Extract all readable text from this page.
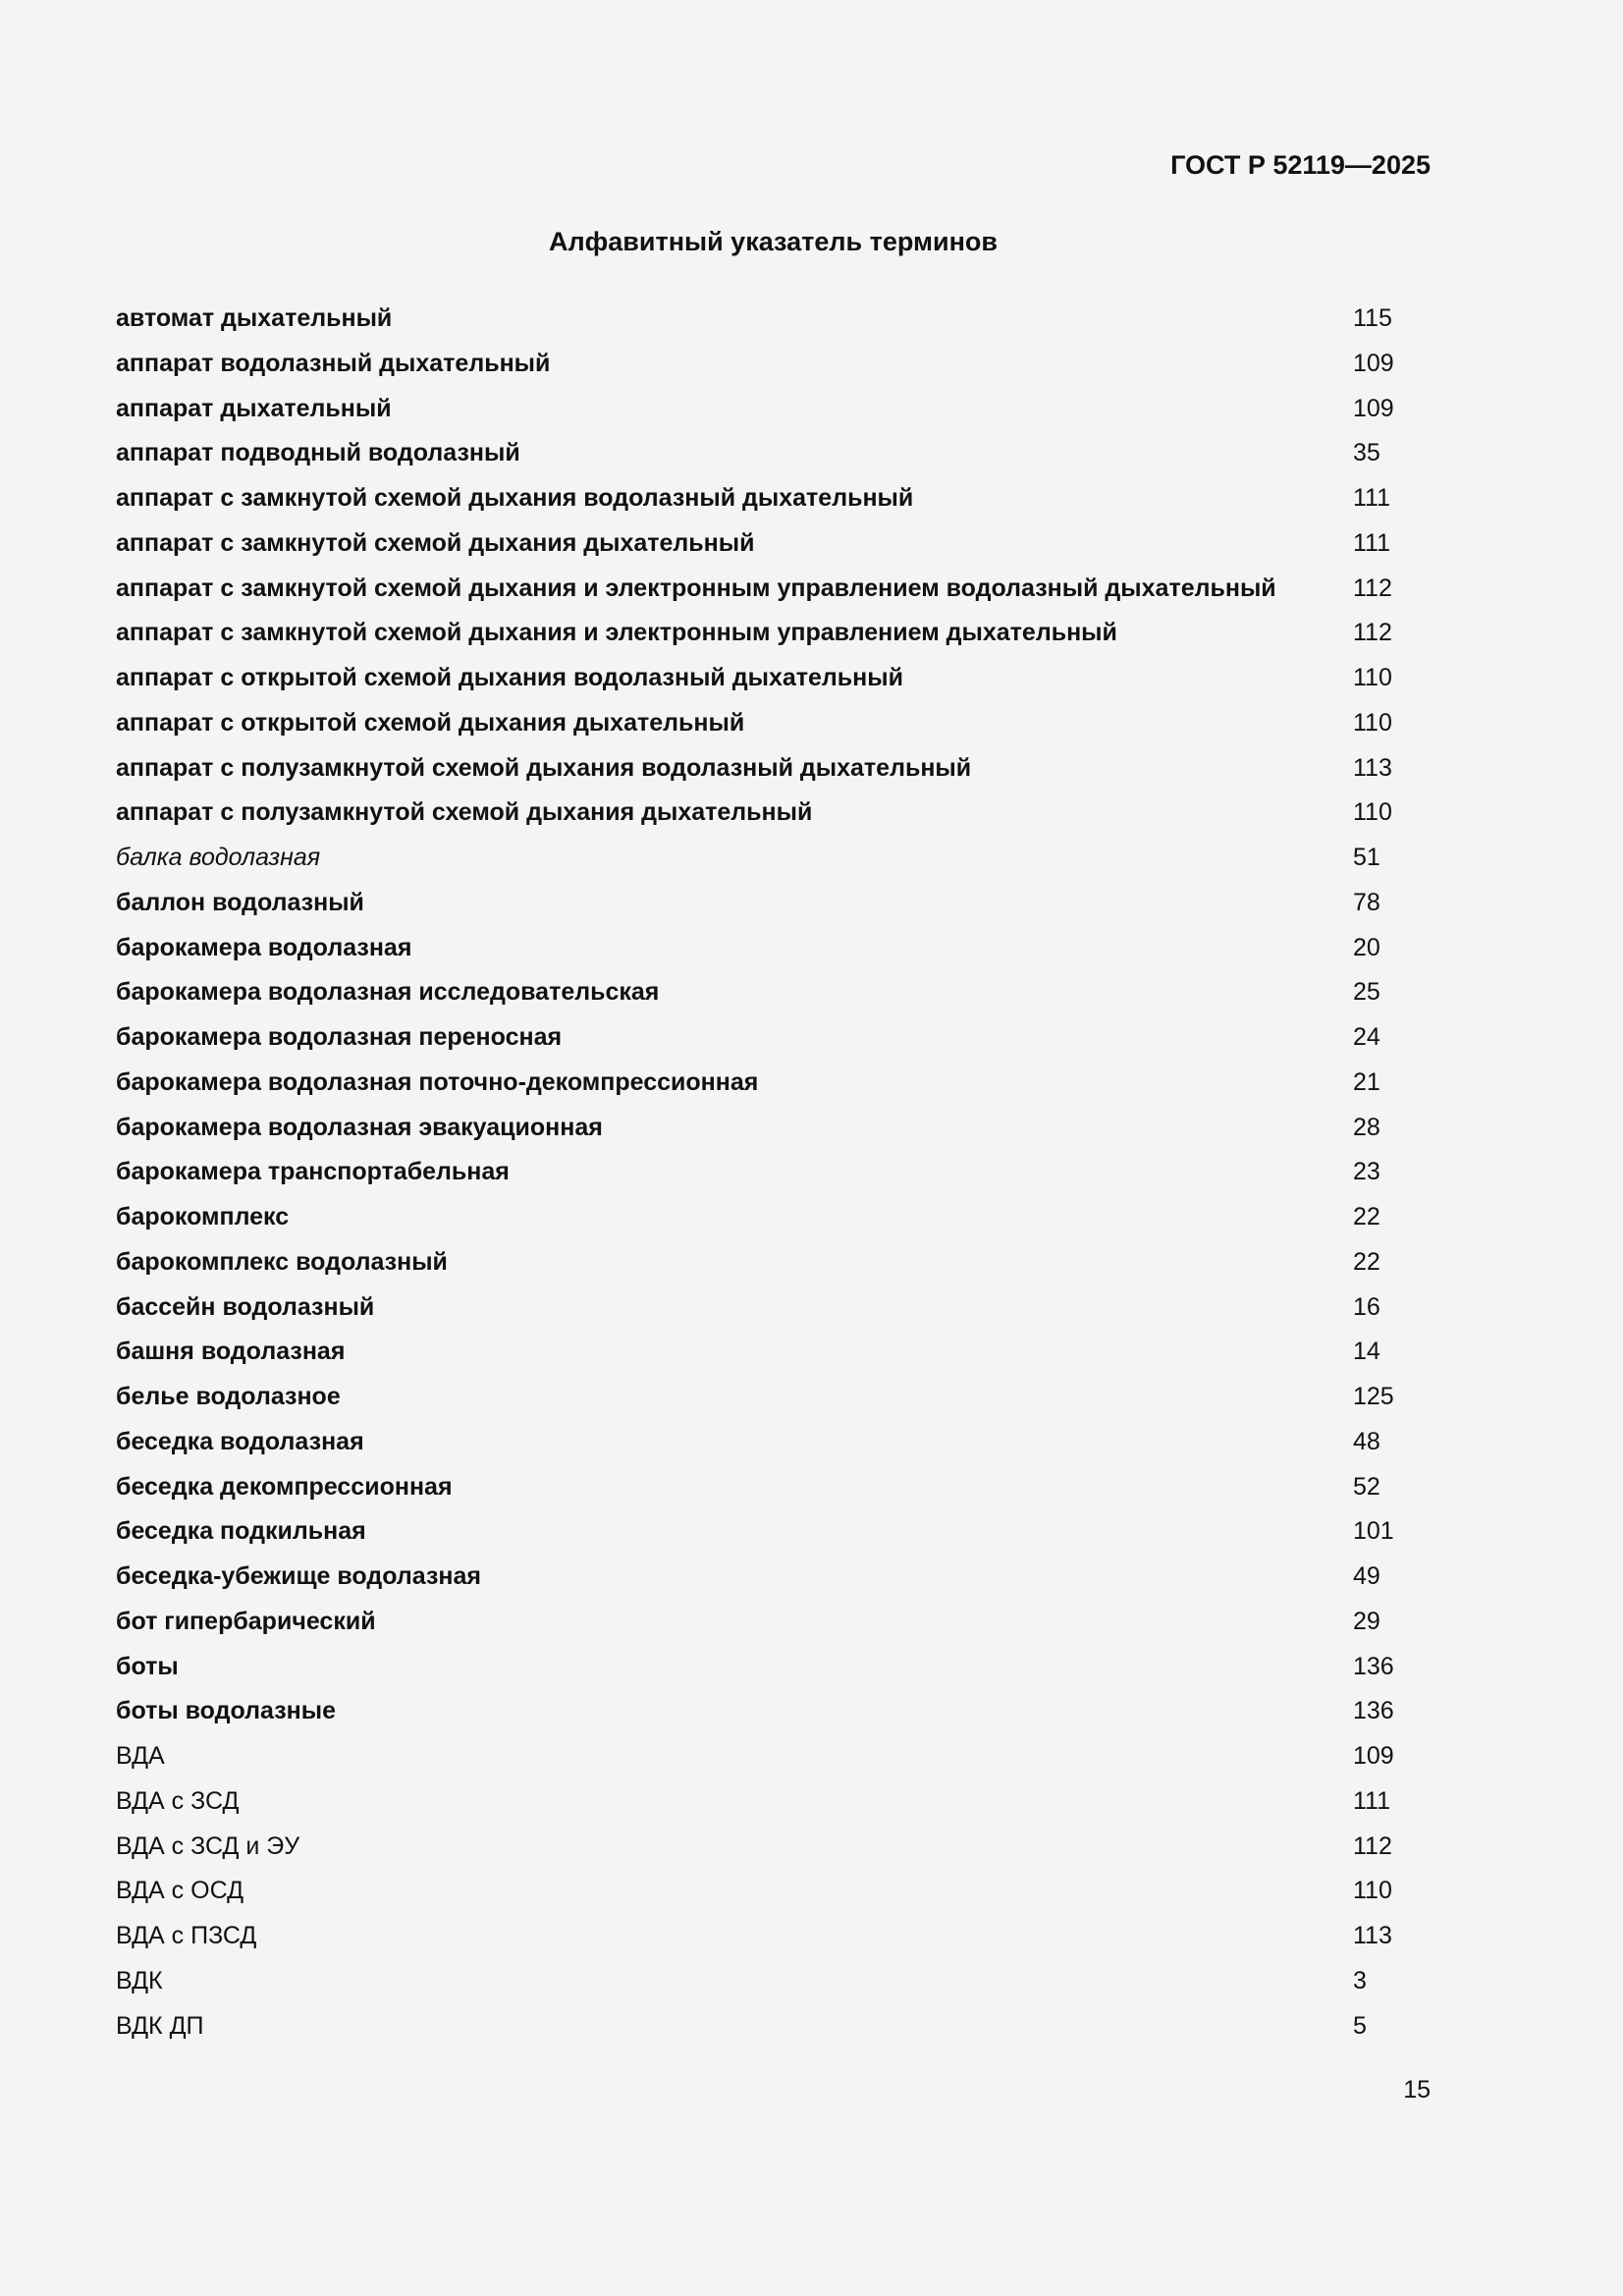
ГОСТ Р 52119—2025
Алфавитный указатель терминов
автомат дыхательный	115
аппарат водолазный дыхательный	109
аппарат дыхательный	109
аппарат подводный водолазный	35
аппарат с замкнутой схемой дыхания водолазный дыхательный	111
аппарат с замкнутой схемой дыхания дыхательный	111
аппарат с замкнутой схемой дыхания и электронным управлением водолазный дыхательный	112
аппарат с замкнутой схемой дыхания и электронным управлением дыхательный	112
аппарат с открытой схемой дыхания водолазный дыхательный	110
аппарат с открытой схемой дыхания дыхательный	110
аппарат с полузамкнутой схемой дыхания водолазный дыхательный	113
аппарат с полузамкнутой схемой дыхания дыхательный	110
балка водолазная	51
баллон водолазный	78
барокамера водолазная	20
барокамера водолазная исследовательская	25
барокамера водолазная переносная	24
барокамера водолазная поточно-декомпрессионная	21
барокамера водолазная эвакуационная	28
барокамера транспортабельная	23
барокомплекс	22
барокомплекс водолазный	22
бассейн водолазный	16
башня водолазная	14
белье водолазное	125
беседка водолазная	48
беседка декомпрессионная	52
беседка подкильная	101
беседка-убежище водолазная	49
бот гипербарический	29
боты	136
боты водолазные	136
ВДА	109
ВДА с ЗСД	111
ВДА с ЗСД и ЭУ	112
ВДА с ОСД	110
ВДА с ПЗСД	113
ВДК	3
ВДК ДП	5
15
